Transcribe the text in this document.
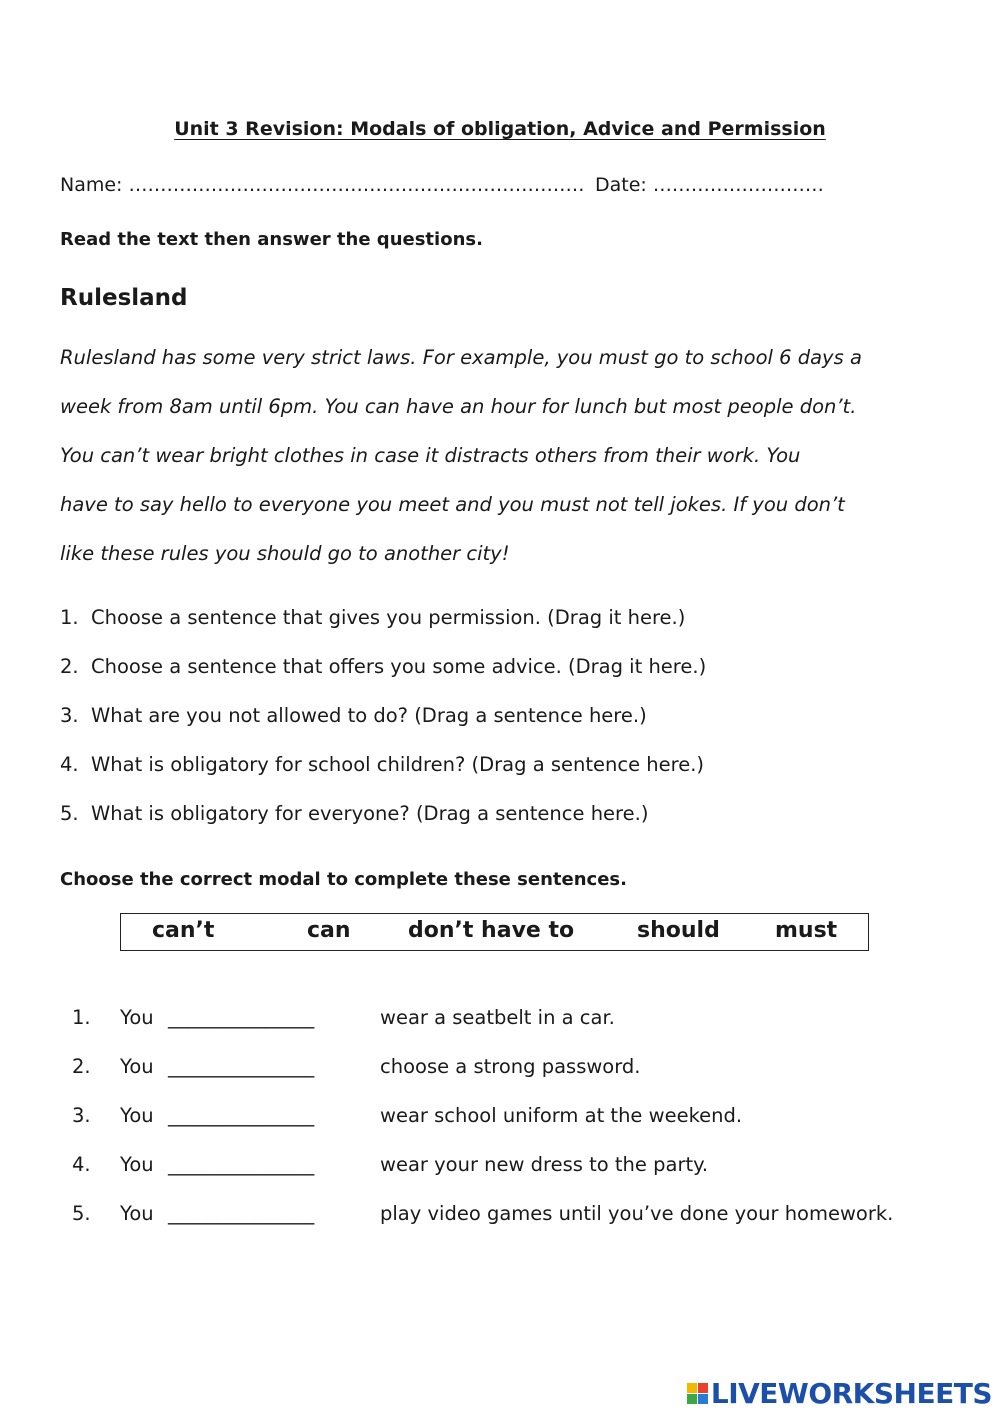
Unit 3 Revision: Modals of obligation, Advice and Permission
Name: ……………………………………………………………… Date: ………………………
Read the text then answer the questions.
Rulesland

Rulesland has some very strict laws. For example, you must go to school 6 days a

week from 8am until 6pm. You can have an hour for lunch but most people don’t.

You can’t wear bright clothes in case it distracts others from their work. You

have to say hello to everyone you meet and you must not tell jokes. If you don’t

like these rules you should go to another city!

1. Choose a sentence that gives you permission. (Drag it here.)
2. Choose a sentence that offers you some advice. (Drag it here.)
3. What are you not allowed to do? (Drag a sentence here.)
4. What is obligatory for school children? (Drag a sentence here.)
5. What is obligatory for everyone? (Drag a sentence here.)
Choose the correct modal to complete these sentences.
can’t	can	don’t have to	should	must
1.	You _______________	wear a seatbelt in a car.
2.	You _______________	choose a strong password.
3.	You _______________	wear school uniform at the weekend.
4.	You _______________	wear your new dress to the party.
5.	You _______________	play video games until you’ve done your homework.
LIVEWORKSHEETS
